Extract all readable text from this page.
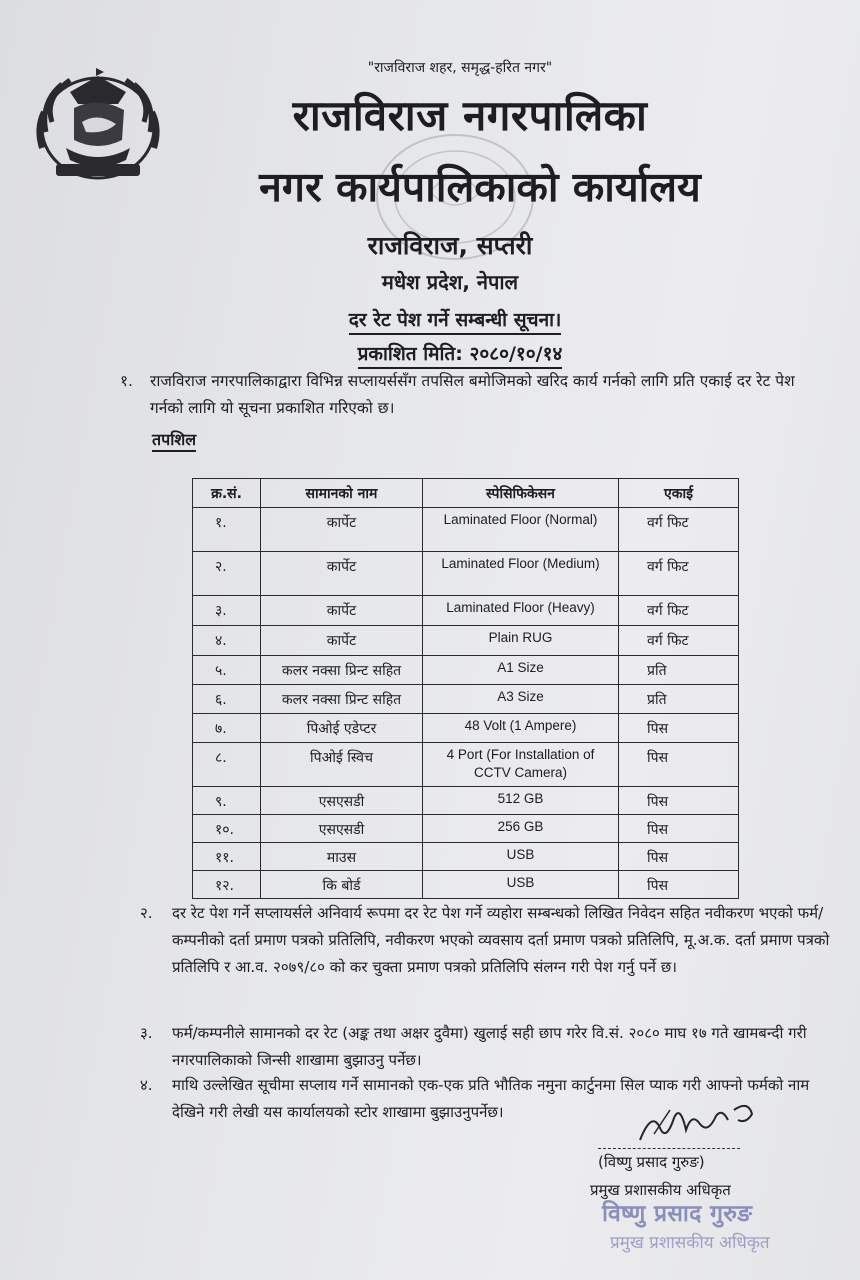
"राजविराज शहर, समृद्ध-हरित नगर"
राजविराज नगरपालिका
नगर कार्यपालिकाको कार्यालय
राजविराज, सप्तरी
मधेश प्रदेश, नेपाल
दर रेट पेश गर्ने सम्बन्धी सूचना।
प्रकाशित मिति: २०८०/१०/१४
१. राजविराज नगरपालिकाद्वारा विभिन्न सप्लायर्ससँग तपसिल बमोजिमको खरिद कार्य गर्नको लागि प्रति एकाई दर रेट पेश गर्नको लागि यो सूचना प्रकाशित गरिएको छ।
तपशिल
क्र.सं.	सामानको नाम	स्पेसिफिकेसन	एकाई
१.	कार्पेट	Laminated Floor (Normal)	वर्ग फिट
२.	कार्पेट	Laminated Floor (Medium)	वर्ग फिट
३.	कार्पेट	Laminated Floor (Heavy)	वर्ग फिट
४.	कार्पेट	Plain RUG	वर्ग फिट
५.	कलर नक्सा प्रिन्ट सहित	A1 Size	प्रति
६.	कलर नक्सा प्रिन्ट सहित	A3 Size	प्रति
७.	पिओई एडेप्टर	48 Volt (1 Ampere)	पिस
८.	पिओई स्विच	4 Port (For Installation of CCTV Camera)	पिस
९.	एसएसडी	512 GB	पिस
१०.	एसएसडी	256 GB	पिस
११.	माउस	USB	पिस
१२.	कि बोर्ड	USB	पिस
२. दर रेट पेश गर्ने सप्लायर्सले अनिवार्य रूपमा दर रेट पेश गर्ने व्यहोरा सम्बन्धको लिखित निवेदन सहित नवीकरण भएको फर्म/कम्पनीको दर्ता प्रमाण पत्रको प्रतिलिपि, नवीकरण भएको व्यवसाय दर्ता प्रमाण पत्रको प्रतिलिपि, मू.अ.क. दर्ता प्रमाण पत्रको प्रतिलिपि र आ.व. २०७९/८० को कर चुक्ता प्रमाण पत्रको प्रतिलिपि संलग्न गरी पेश गर्नु पर्ने छ।
३. फर्म/कम्पनीले सामानको दर रेट (अङ्क तथा अक्षर दुवैमा) खुलाई सही छाप गरेर वि.सं. २०८० माघ १७ गते खामबन्दी गरी नगरपालिकाको जिन्सी शाखामा बुझाउनु पर्नेछ।
४. माथि उल्लेखित सूचीमा सप्लाय गर्ने सामानको एक-एक प्रति भौतिक नमुना कार्टुनमा सिल प्याक गरी आफ्नो फर्मको नाम देखिने गरी लेखी यस कार्यालयको स्टोर शाखामा बुझाउनुपर्नेछ।
(विष्णु प्रसाद गुरुङ)
प्रमुख प्रशासकीय अधिकृत
विष्णु प्रसाद गुरुङ
प्रमुख प्रशासकीय अधिकृत
